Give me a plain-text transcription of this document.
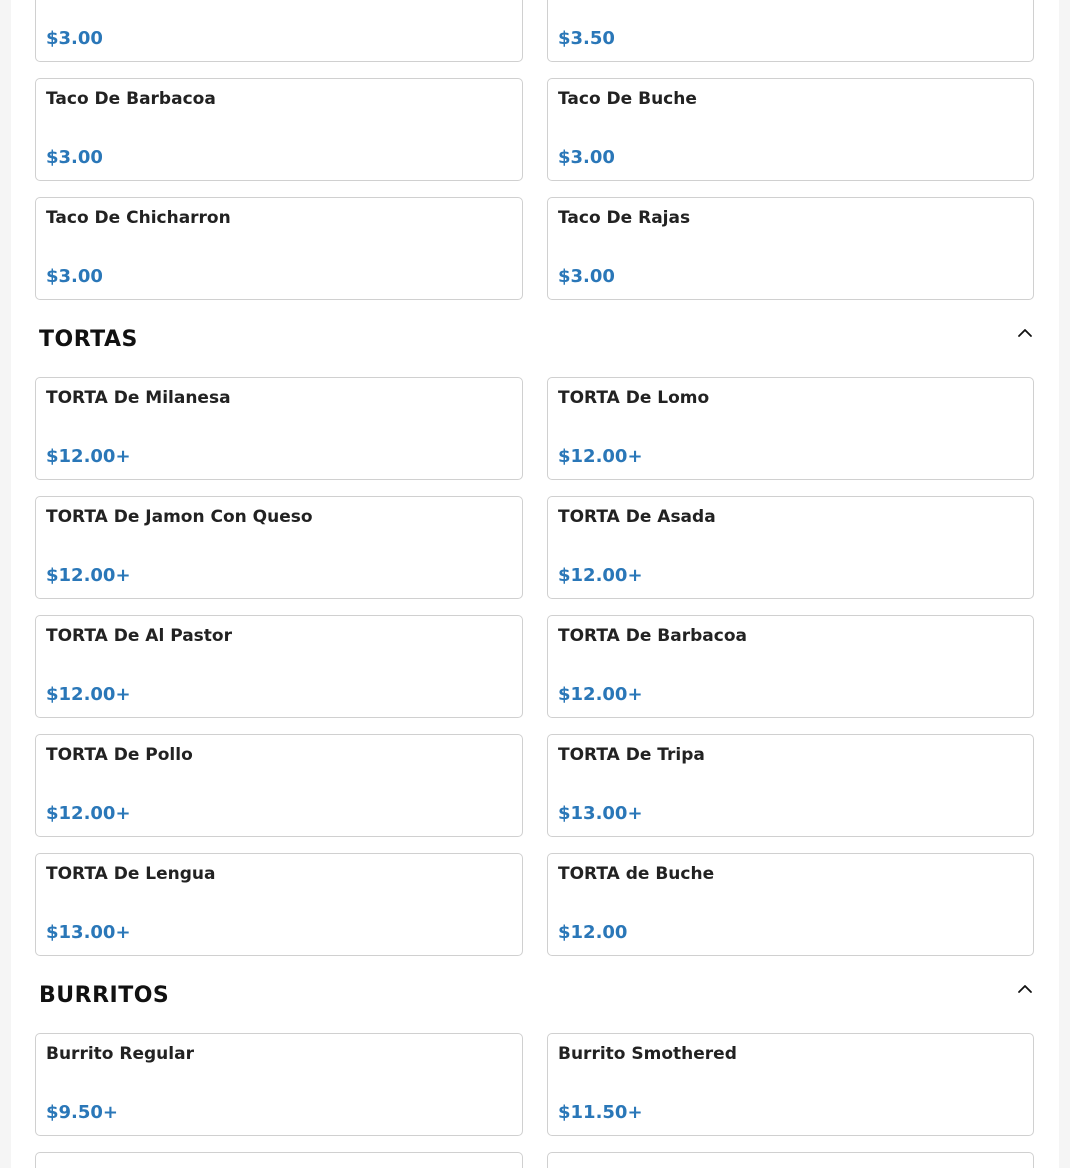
$3.00	$3.50
Taco De Barbacoa
$3.00
Taco De Buche
$3.00
Taco De Chicharron
$3.00
Taco De Rajas
$3.00
TORTAS
TORTA De Milanesa
$12.00+
TORTA De Lomo
$12.00+
TORTA De Jamon Con Queso
$12.00+
TORTA De Asada
$12.00+
TORTA De Al Pastor
$12.00+
TORTA De Barbacoa
$12.00+
TORTA De Pollo
$12.00+
TORTA De Tripa
$13.00+
TORTA De Lengua
$13.00+
TORTA de Buche
$12.00
BURRITOS
Burrito Regular
$9.50+
Burrito Smothered
$11.50+
